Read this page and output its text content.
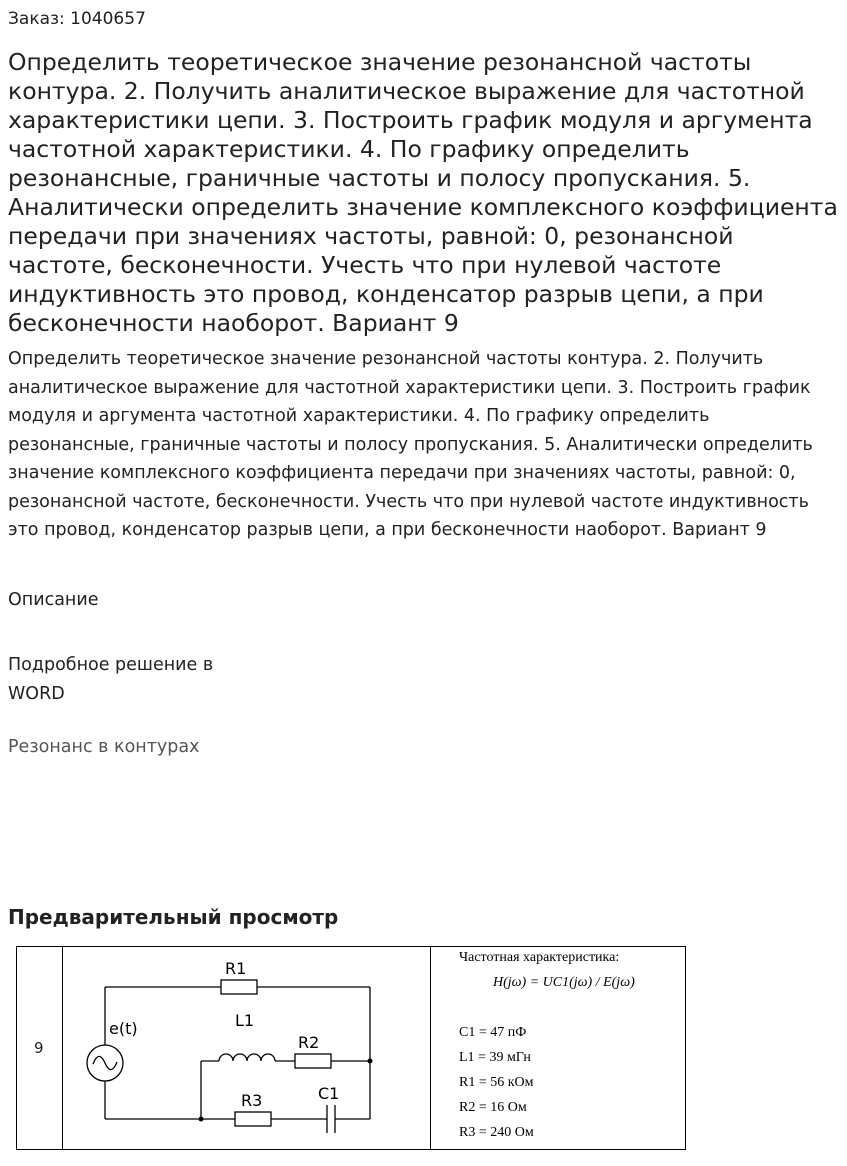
Заказ: 1040657
Определить теоретическое значение резонансной частоты контура. 2. Получить аналитическое выражение для частотной характеристики цепи. 3. Построить график модуля и аргумента частотной характеристики. 4. По графику определить резонансные, граничные частоты и полосу пропускания. 5. Аналитически определить значение комплексного коэффициента передачи при значениях частоты, равной: 0, резонансной частоте, бесконечности. Учесть что при нулевой частоте индуктивность это провод, конденсатор разрыв цепи, а при бесконечности наоборот. Вариант 9

Определить теоретическое значение резонансной частоты контура. 2. Получить аналитическое выражение для частотной характеристики цепи. 3. Построить график модуля и аргумента частотной характеристики. 4. По графику определить резонансные, граничные частоты и полосу пропускания. 5. Аналитически определить значение комплексного коэффициента передачи при значениях частоты, равной: 0, резонансной частоте, бесконечности. Учесть что при нулевой частоте индуктивность это провод, конденсатор разрыв цепи, а при бесконечности наоборот. Вариант 9

Описание
Подробное решение в WORD
Резонанс в контурах
Предварительный просмотр
9
R1
L1
R2
R3	C1
e(t)
Частотная характеристика:
H(jω) = UC1(jω) / E(jω)
C1 = 47 пФ
L1 = 39 мГн
R1 = 56 кОм
R2 = 16 Ом
R3 = 240 Ом
